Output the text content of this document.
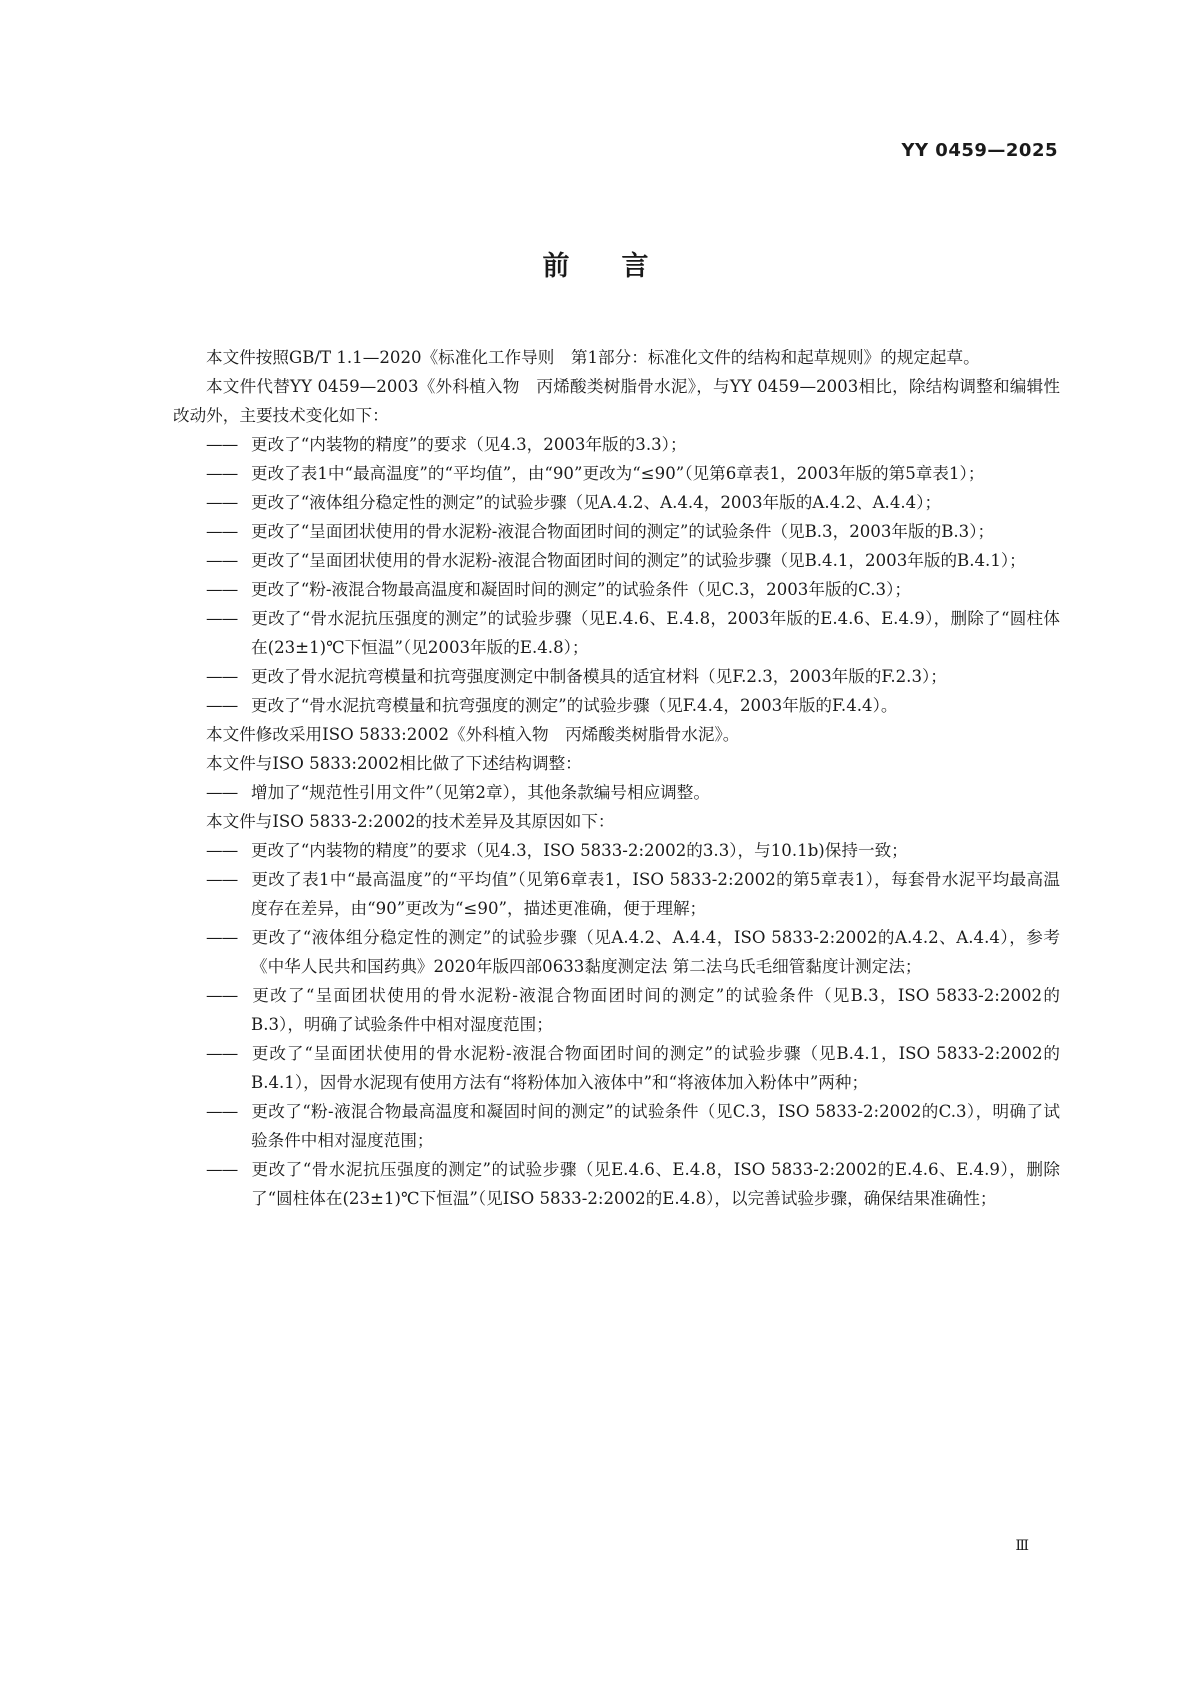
YY 0459—2025
前言

本文件按照GB/T 1.1—2020《标准化工作导则　第1部分：标准化文件的结构和起草规则》的规定起草。

本文件代替YY 0459—2003《外科植入物　丙烯酸类树脂骨水泥》，与YY 0459—2003相比，除结构调整和编辑性改动外，主要技术变化如下：

—— 更改了“内装物的精度”的要求（见4.3，2003年版的3.3）；

—— 更改了表1中“最高温度”的“平均值”，由“90”更改为“≤90”（见第6章表1，2003年版的第5章表1）；

—— 更改了“液体组分稳定性的测定”的试验步骤（见A.4.2、A.4.4，2003年版的A.4.2、A.4.4）；

—— 更改了“呈面团状使用的骨水泥粉-液混合物面团时间的测定”的试验条件（见B.3，2003年版的B.3）；

—— 更改了“呈面团状使用的骨水泥粉-液混合物面团时间的测定”的试验步骤（见B.4.1，2003年版的B.4.1）；

—— 更改了“粉-液混合物最高温度和凝固时间的测定”的试验条件（见C.3，2003年版的C.3）；

—— 更改了“骨水泥抗压强度的测定”的试验步骤（见E.4.6、E.4.8，2003年版的E.4.6、E.4.9），删除了“圆柱体在(23±1)℃下恒温”（见2003年版的E.4.8）；

—— 更改了骨水泥抗弯模量和抗弯强度测定中制备模具的适宜材料（见F.2.3，2003年版的F.2.3）；

—— 更改了“骨水泥抗弯模量和抗弯强度的测定”的试验步骤（见F.4.4，2003年版的F.4.4）。

本文件修改采用ISO 5833:2002《外科植入物　丙烯酸类树脂骨水泥》。

本文件与ISO 5833:2002相比做了下述结构调整：

—— 增加了“规范性引用文件”（见第2章），其他条款编号相应调整。

本文件与ISO 5833-2:2002的技术差异及其原因如下：

—— 更改了“内装物的精度”的要求（见4.3，ISO 5833-2:2002的3.3），与10.1b)保持一致；

—— 更改了表1中“最高温度”的“平均值”（见第6章表1，ISO 5833-2:2002的第5章表1），每套骨水泥平均最高温度存在差异，由“90”更改为“≤90”，描述更准确，便于理解；

—— 更改了“液体组分稳定性的测定”的试验步骤（见A.4.2、A.4.4，ISO 5833-2:2002的A.4.2、A.4.4），参考《中华人民共和国药典》2020年版四部0633黏度测定法 第二法乌氏毛细管黏度计测定法；

—— 更改了“呈面团状使用的骨水泥粉-液混合物面团时间的测定”的试验条件（见B.3，ISO 5833-2:2002的B.3），明确了试验条件中相对湿度范围；

—— 更改了“呈面团状使用的骨水泥粉-液混合物面团时间的测定”的试验步骤（见B.4.1，ISO 5833-2:2002的B.4.1），因骨水泥现有使用方法有“将粉体加入液体中”和“将液体加入粉体中”两种；

—— 更改了“粉-液混合物最高温度和凝固时间的测定”的试验条件（见C.3，ISO 5833-2:2002的C.3），明确了试验条件中相对湿度范围；

—— 更改了“骨水泥抗压强度的测定”的试验步骤（见E.4.6、E.4.8，ISO 5833-2:2002的E.4.6、E.4.9），删除了“圆柱体在(23±1)℃下恒温”（见ISO 5833-2:2002的E.4.8），以完善试验步骤，确保结果准确性；

Ⅲ
